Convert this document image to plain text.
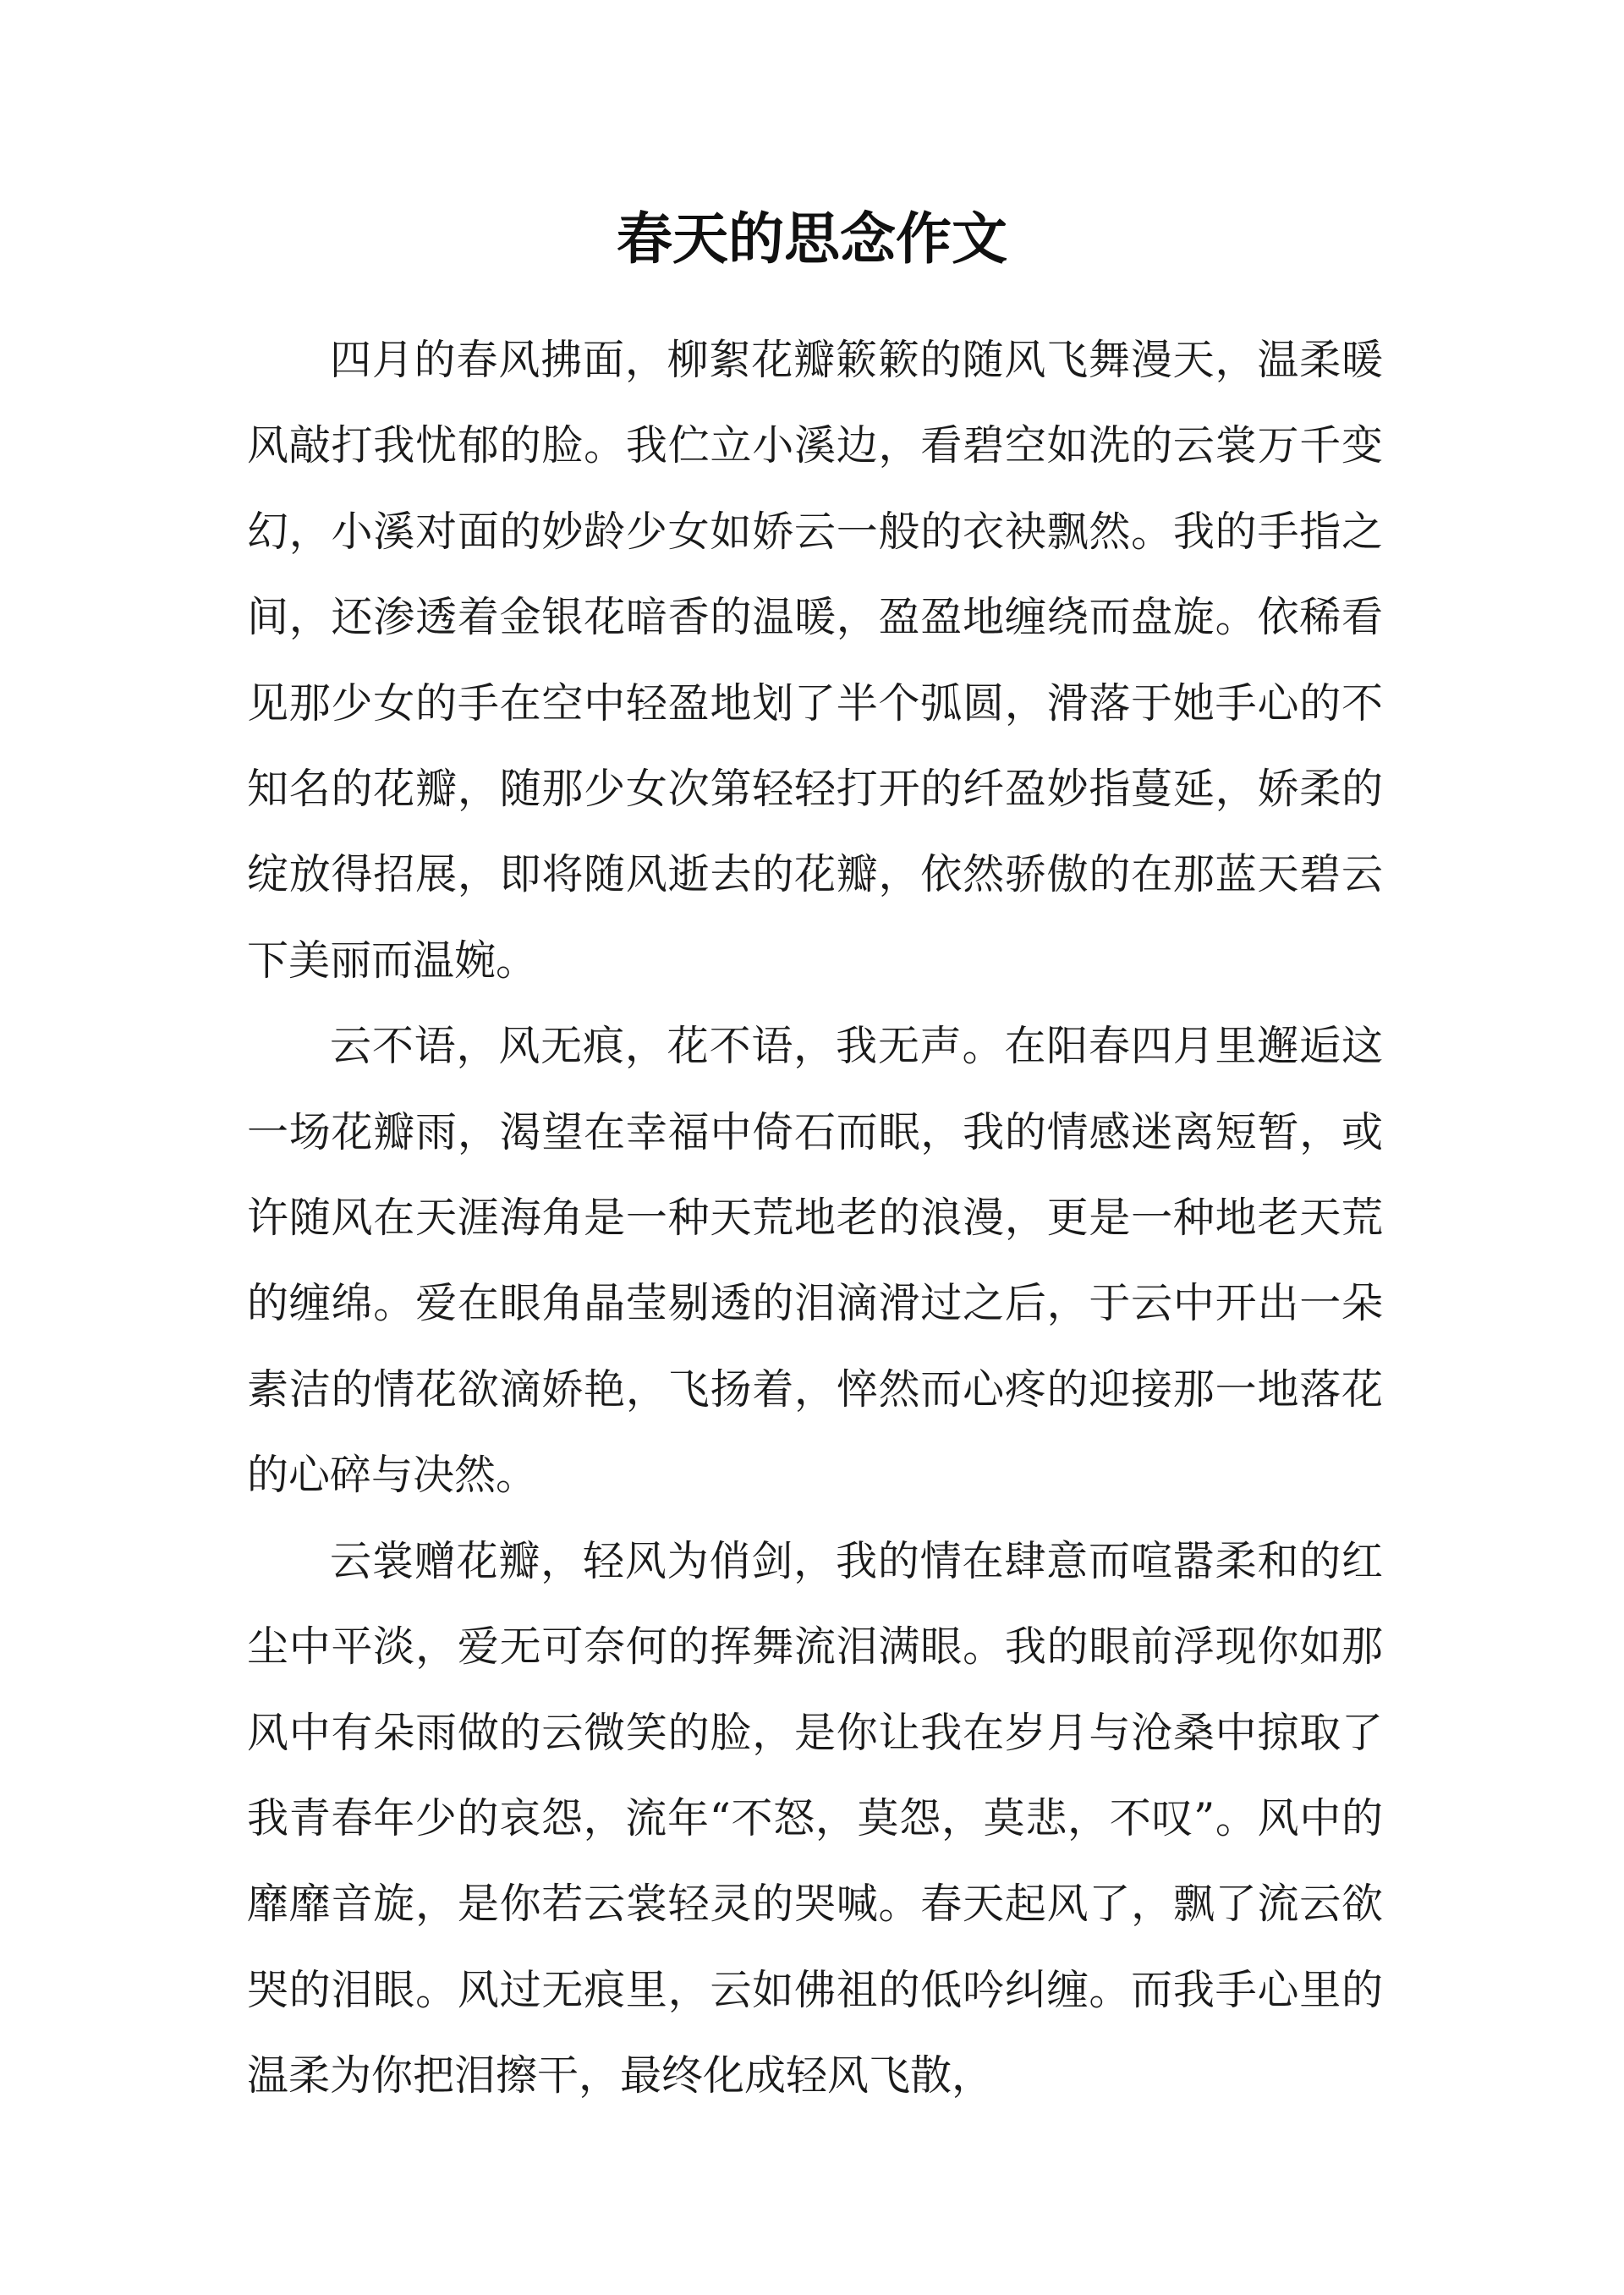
春天的思念作文

四月的春风拂面，柳絮花瓣簌簌的随风飞舞漫天，温柔暖风敲打我忧郁的脸。我伫立小溪边，看碧空如洗的云裳万千变幻，小溪对面的妙龄少女如娇云一般的衣袂飘然。我的手指之间，还渗透着金银花暗香的温暖，盈盈地缠绕而盘旋。依稀看见那少女的手在空中轻盈地划了半个弧圆，滑落于她手心的不知名的花瓣，随那少女次第轻轻打开的纤盈妙指蔓延，娇柔的绽放得招展，即将随风逝去的花瓣，依然骄傲的在那蓝天碧云下美丽而温婉。

云不语，风无痕，花不语，我无声。在阳春四月里邂逅这一场花瓣雨，渴望在幸福中倚石而眠，我的情感迷离短暂，或许随风在天涯海角是一种天荒地老的浪漫，更是一种地老天荒的缠绵。爱在眼角晶莹剔透的泪滴滑过之后，于云中开出一朵素洁的情花欲滴娇艳，飞扬着，悴然而心疼的迎接那一地落花的心碎与决然。

云裳赠花瓣，轻风为俏剑，我的情在肆意而喧嚣柔和的红尘中平淡，爱无可奈何的挥舞流泪满眼。我的眼前浮现你如那风中有朵雨做的云微笑的脸，是你让我在岁月与沧桑中掠取了我青春年少的哀怨，流年“不怒，莫怨，莫悲，不叹”。风中的靡靡音旋，是你若云裳轻灵的哭喊。春天起风了，飘了流云欲哭的泪眼。风过无痕里，云如佛祖的低吟纠缠。而我手心里的温柔为你把泪擦干，最终化成轻风飞散，
